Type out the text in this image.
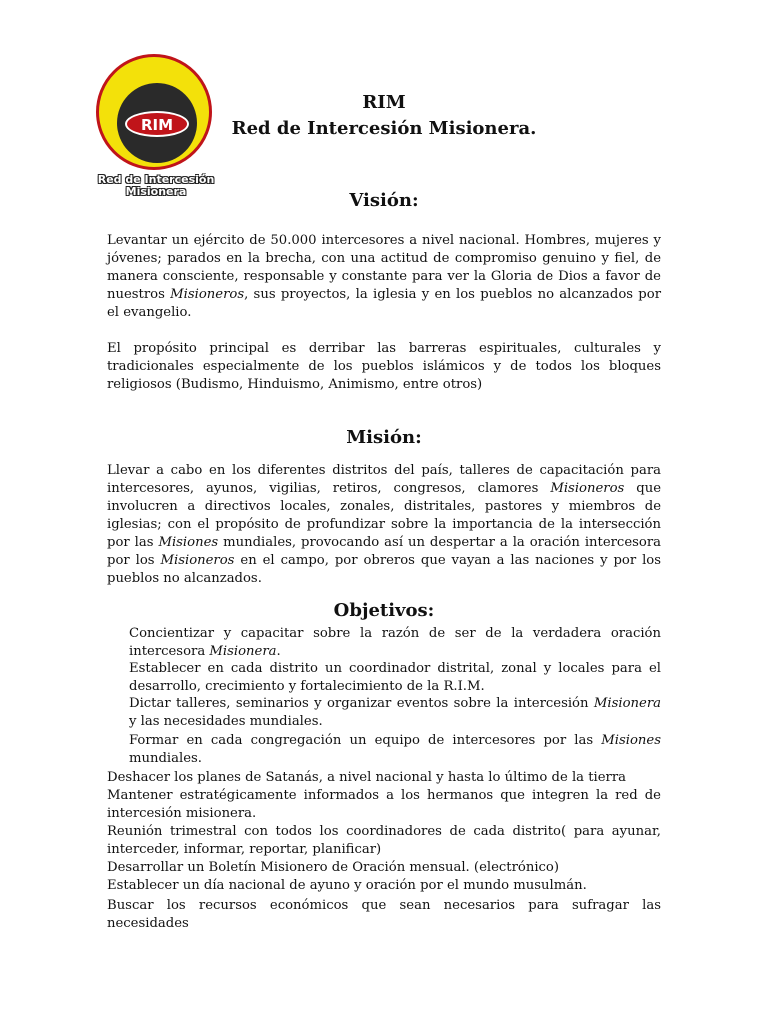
RIM
Red de Intercesión
Misionera
RIM
Red de Intercesión Misionera.
Visión:

Levantar un ejército de 50.000 intercesores a nivel nacional. Hombres, mujeres y jóvenes; parados en la brecha, con una actitud de compromiso genuino y fiel, de manera consciente, responsable y constante para ver la Gloria de Dios a favor de nuestros Misioneros, sus proyectos, la iglesia y en los pueblos no alcanzados por el evangelio.

El propósito principal es derribar las barreras espirituales, culturales y tradicionales especialmente de los pueblos islámicos y de todos los bloques religiosos (Budismo, Hinduismo, Animismo, entre otros)

Misión:

Llevar a cabo en los diferentes distritos del país, talleres de capacitación para intercesores, ayunos, vigilias, retiros, congresos, clamores Misioneros que involucren a directivos locales, zonales, distritales, pastores y miembros de iglesias; con el propósito de profundizar sobre la importancia de la intersección por las Misiones mundiales, provocando así un despertar a la oración intercesora por los Misioneros en el campo, por obreros que vayan a las naciones y por los pueblos no alcanzados.

Objetivos:
Concientizar y capacitar sobre la razón de ser de la verdadera oración intercesora Misionera.
Establecer en cada distrito un coordinador distrital, zonal y locales para el desarrollo, crecimiento y fortalecimiento de la R.I.M.
Dictar talleres, seminarios y organizar eventos sobre la intercesión Misionera y las necesidades mundiales.
Formar en cada congregación un equipo de intercesores por las Misiones mundiales.
Deshacer los planes de Satanás, a nivel nacional y hasta lo último de la tierra
Mantener estratégicamente informados a los hermanos que integren la red de intercesión misionera.
Reunión trimestral con todos los coordinadores de cada distrito( para ayunar, interceder, informar, reportar, planificar)
Desarrollar un Boletín Misionero de Oración mensual. (electrónico)
Establecer un día nacional de ayuno y oración por el mundo musulmán.
Buscar los recursos económicos que sean necesarios para sufragar las necesidades
